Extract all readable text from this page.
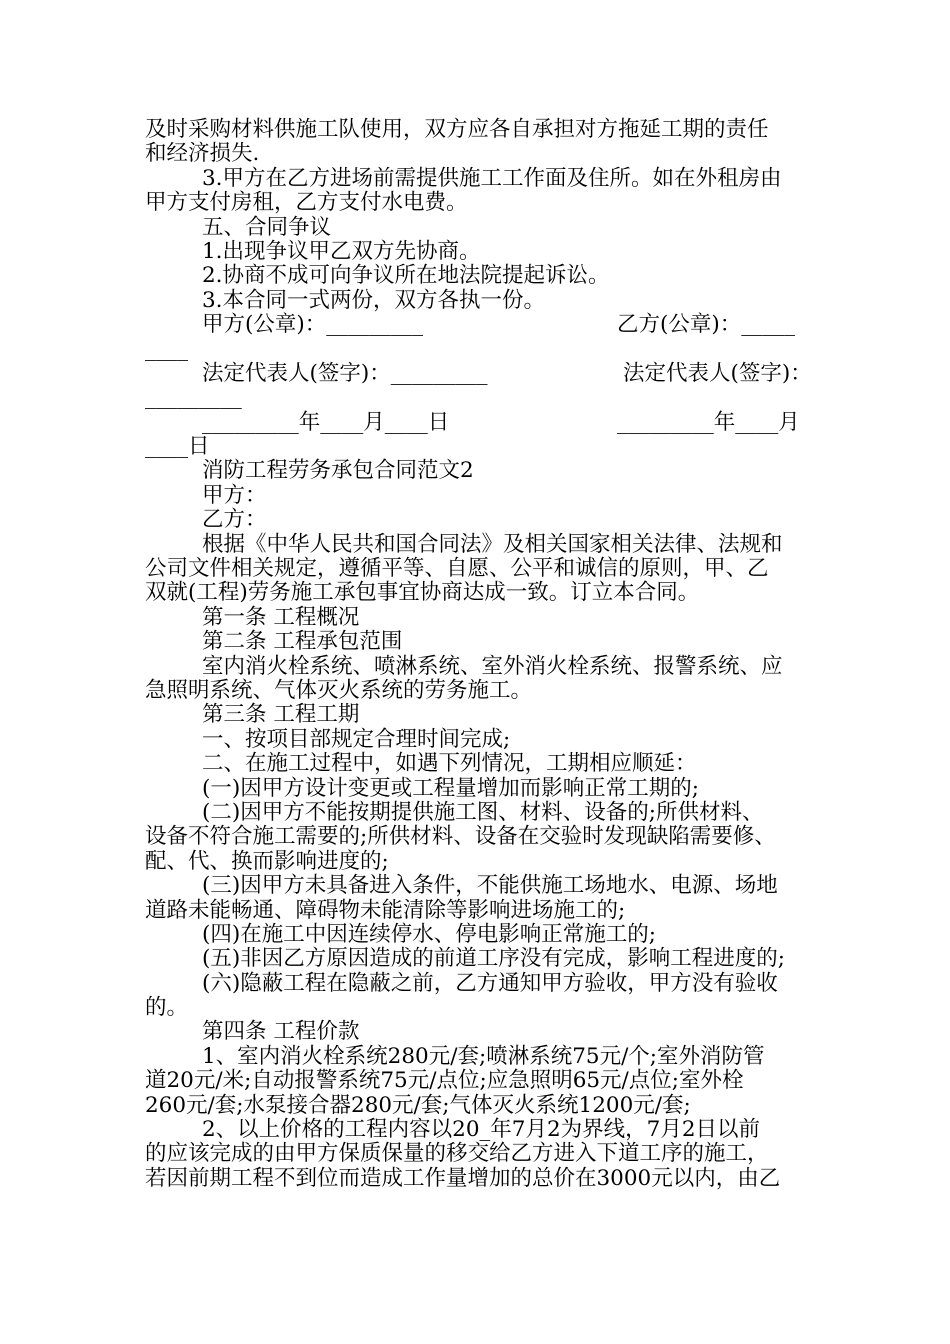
及时采购材料供施工队使用，双方应各自承担对方拖延工期的责任
和经济损失.
3.甲方在乙方进场前需提供施工工作面及住所。如在外租房由
甲方支付房租，乙方支付水电费。
五、合同争议
1.出现争议甲乙双方先协商。
2.协商不成可向争议所在地法院提起诉讼。
3.本合同一式两份，双方各执一份。
甲方(公章)：_________	乙方(公章)：_____
____
法定代表人(签字)：_________	法定代表人(签字)：
_________
_________年____月____日	_________年____月
____日
消防工程劳务承包合同范文2
甲方：
乙方：
根据《中华人民共和国合同法》及相关国家相关法律、法规和
公司文件相关规定，遵循平等、自愿、公平和诚信的原则，甲、乙
双就(工程)劳务施工承包事宜协商达成一致。订立本合同。
第一条 工程概况
第二条 工程承包范围
室内消火栓系统、喷淋系统、室外消火栓系统、报警系统、应
急照明系统、气体灭火系统的劳务施工。
第三条 工程工期
一、按项目部规定合理时间完成;
二、在施工过程中，如遇下列情况，工期相应顺延：
(一)因甲方设计变更或工程量增加而影响正常工期的;
(二)因甲方不能按期提供施工图、材料、设备的;所供材料、
设备不符合施工需要的;所供材料、设备在交验时发现缺陷需要修、
配、代、换而影响进度的;
(三)因甲方未具备进入条件，不能供施工场地水、电源、场地
道路未能畅通、障碍物未能清除等影响进场施工的;
(四)在施工中因连续停水、停电影响正常施工的;
(五)非因乙方原因造成的前道工序没有完成，影响工程进度的;
(六)隐蔽工程在隐蔽之前，乙方通知甲方验收，甲方没有验收
的。
第四条 工程价款
1、室内消火栓系统280元/套;喷淋系统75元/个;室外消防管
道20元/米;自动报警系统75元/点位;应急照明65元/点位;室外栓
260元/套;水泵接合器280元/套;气体灭火系统1200元/套;
2、以上价格的工程内容以20_年7月2为界线，7月2日以前
的应该完成的由甲方保质保量的移交给乙方进入下道工序的施工，
若因前期工程不到位而造成工作量增加的总价在3000元以内，由乙
